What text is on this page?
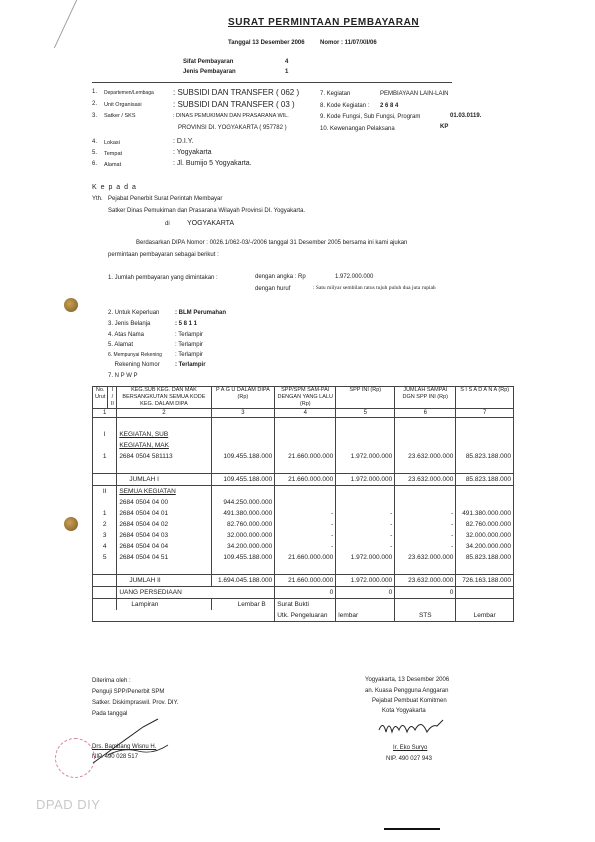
SURAT PERMINTAAN PEMBAYARAN
Tanggal 13 Desember 2006	Nomor : 11/07/XII/06
Sifat Pembayaran	4
Jenis Pembayaran	1
1. Departemen/Lembaga : SUBSIDI DAN TRANSFER ( 062 )
2. Unit Organisasi	: SUBSIDI DAN TRANSFER ( 03 )
3. Satker / SKS	: DINAS PEMUKIMAN DAN PRASARANA WIL.
PROVINSI DI. YOGYAKARTA ( 957782 )
4. Lokasi	: D.I.Y.
5. Tempat	: Yogyakarta
6. Alamat	: Jl. Bumijo 5 Yogyakarta.
7. Kegiatan	PEMBIAYAAN LAIN-LAIN
8. Kode Kegiatan : 2 6 8 4
9. Kode Fungsi, Sub Fungsi, Program	01.03.0119.
10. Kewenangan Pelaksana	KP
K e p a d a
Yth. Pejabat Penerbit Surat Perintah Membayar
Satker Dinas Pemukiman dan Prasarana Wilayah Provinsi DI. Yogyakarta.
di YOGYAKARTA
Berdasarkan DIPA Nomor : 0026.1/062-03/-/2006 tanggal 31 Desember 2005 bersama ini kami ajukan
permintaan pembayaran sebagai berikut :
1. Jumlah pembayaran yang dimintakan :	dengan angka : Rp	1.972.000.000
dengan huruf	: Satu milyar sembilan ratus tujuh puluh dua juta rupiah
2. Untuk Keperluan	: BLM Perumahan
3. Jenis Belanja	: 5 8 1 1
4. Atas Nama	: Terlampir
5. Alamat	: Terlampir
6. Mempunyai Rekening : Terlampir
Rekening Nomor	: Terlampir
7. N P W P
No. Urut	I / II	KEG.SUB KEG. DAN MAK BERSANGKUTAN SEMUA KODE KEG. DALAM DIPA	P A G U DALAM DIPA (Rp)	SPP/SPM SAM-PAI DENGAN YANG LALU (Rp)	SPP INI (Rp)	JUMLAH SAMPAI DGN SPP INI (Rp)	S I S A D A N A (Rp)
1		2	3	4	5	6	7

I		KEGIATAN, SUB					
		KEGIATAN, MAK					
1		2684 0504 581113	109.455.188.000	21.660.000.000	1.972.000.000	23.632.000.000	85.823.188.000

		JUMLAH I	109.455.188.000	21.660.000.000	1.972.000.000	23.632.000.000	85.823.188.000
II		SEMUA KEGIATAN					
		2684 0504 04 00	944.250.000.000				
1		2684 0504 04 01	491.380.000.000	-	-	-	491.380.000.000
2		2684 0504 04 02	82.760.000.000	-	-	-	82.760.000.000
3		2684 0504 04 03	32.000.000.000	-	-	-	32.000.000.000
4		2684 0504 04 04	34.200.000.000	-	-	-	34.200.000.000
5		2684 0504 04 51	109.455.188.000	21.660.000.000	1.972.000.000	23.632.000.000	85.823.188.000

		JUMLAH II	1.694.045.188.000	21.660.000.000	1.972.000.000	23.632.000.000	726.163.188.000
		UANG PERSEDIAAN		0	0	0	
		Lampiran	Lembar B	Surat Bukti			
				Utk. Pengeluaran	lembar	STS	Lembar
Diterima oleh :
Penguji SPP/Penerbit SPM
Satker. Diskimpraswil. Prov. DIY.
Pada tanggal
Drs. Bambang Wisnu H.
NIP. 490 028 517
Yogyakarta, 13 Desember 2006
an. Kuasa Pengguna Anggaran
Pejabat Pembuat Komitmen
Kota Yogyakarta
Ir. Eko Suryo
NIP. 490 027 943
DPAD DIY
